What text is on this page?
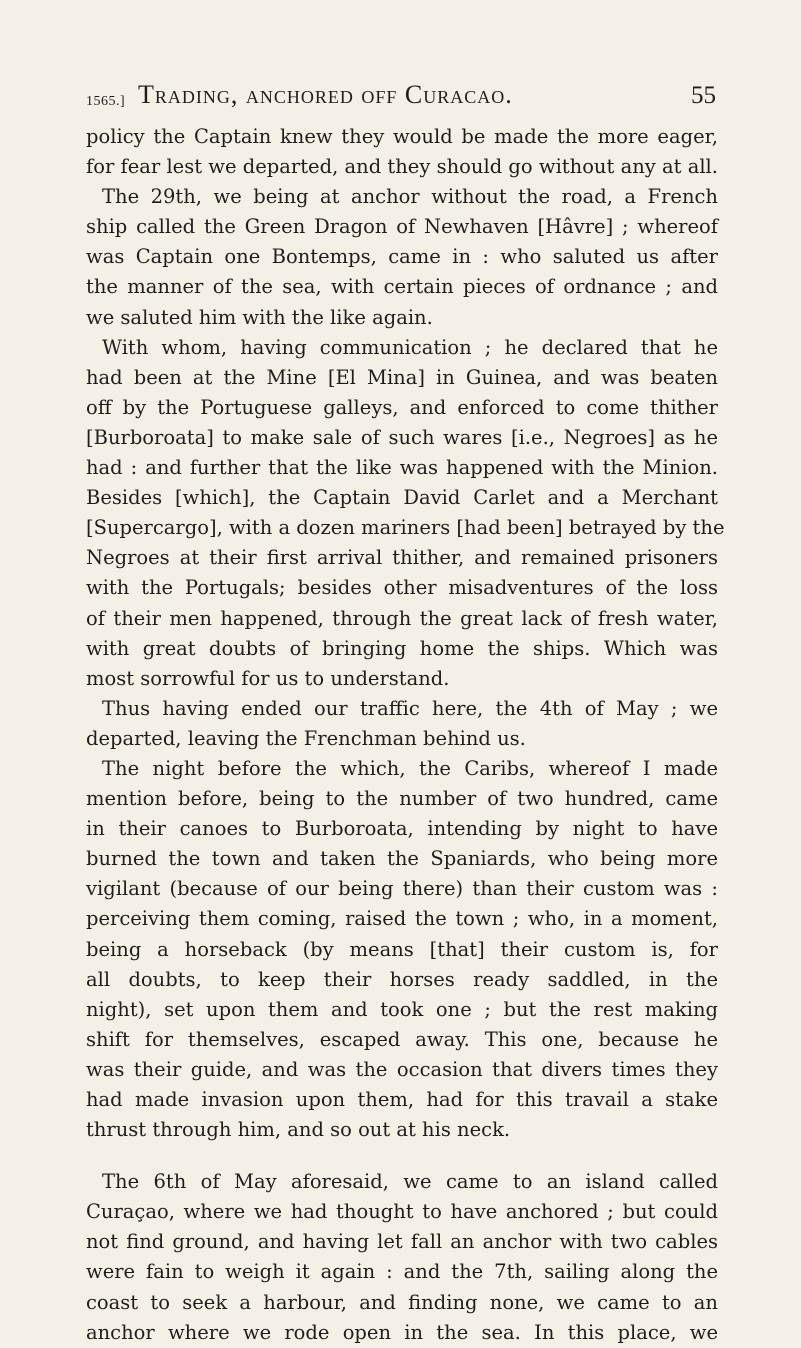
1565.] Trading, anchored off Curacao.	55
policy the Captain knew they would be made the more eager,
for fear lest we departed, and they should go without any at all.
The 29th, we being at anchor without the road, a French
ship called the Green Dragon of Newhaven [Hâvre] ; whereof
was Captain one Bontemps, came in : who saluted us after
the manner of the sea, with certain pieces of ordnance ; and
we saluted him with the like again.
With whom, having communication ; he declared that he
had been at the Mine [El Mina] in Guinea, and was beaten
off by the Portuguese galleys, and enforced to come thither
[Burboroata] to make sale of such wares [i.e., Negroes] as he
had : and further that the like was happened with the Minion.
Besides [which], the Captain David Carlet and a Merchant
[Supercargo], with a dozen mariners [had been] betrayed by the
Negroes at their first arrival thither, and remained prisoners
with the Portugals; besides other misadventures of the loss
of their men happened, through the great lack of fresh water,
with great doubts of bringing home the ships. Which was
most sorrowful for us to understand.
Thus having ended our traffic here, the 4th of May ; we
departed, leaving the Frenchman behind us.
The night before the which, the Caribs, whereof I made
mention before, being to the number of two hundred, came
in their canoes to Burboroata, intending by night to have
burned the town and taken the Spaniards, who being more
vigilant (because of our being there) than their custom was :
perceiving them coming, raised the town ; who, in a moment,
being a horseback (by means [that] their custom is, for
all doubts, to keep their horses ready saddled, in the
night), set upon them and took one ; but the rest making
shift for themselves, escaped away. This one, because he
was their guide, and was the occasion that divers times they
had made invasion upon them, had for this travail a stake
thrust through him, and so out at his neck.
The 6th of May aforesaid, we came to an island called
Curaçao, where we had thought to have anchored ; but could
not find ground, and having let fall an anchor with two cables
were fain to weigh it again : and the 7th, sailing along the
coast to seek a harbour, and finding none, we came to an
anchor where we rode open in the sea. In this place, we
